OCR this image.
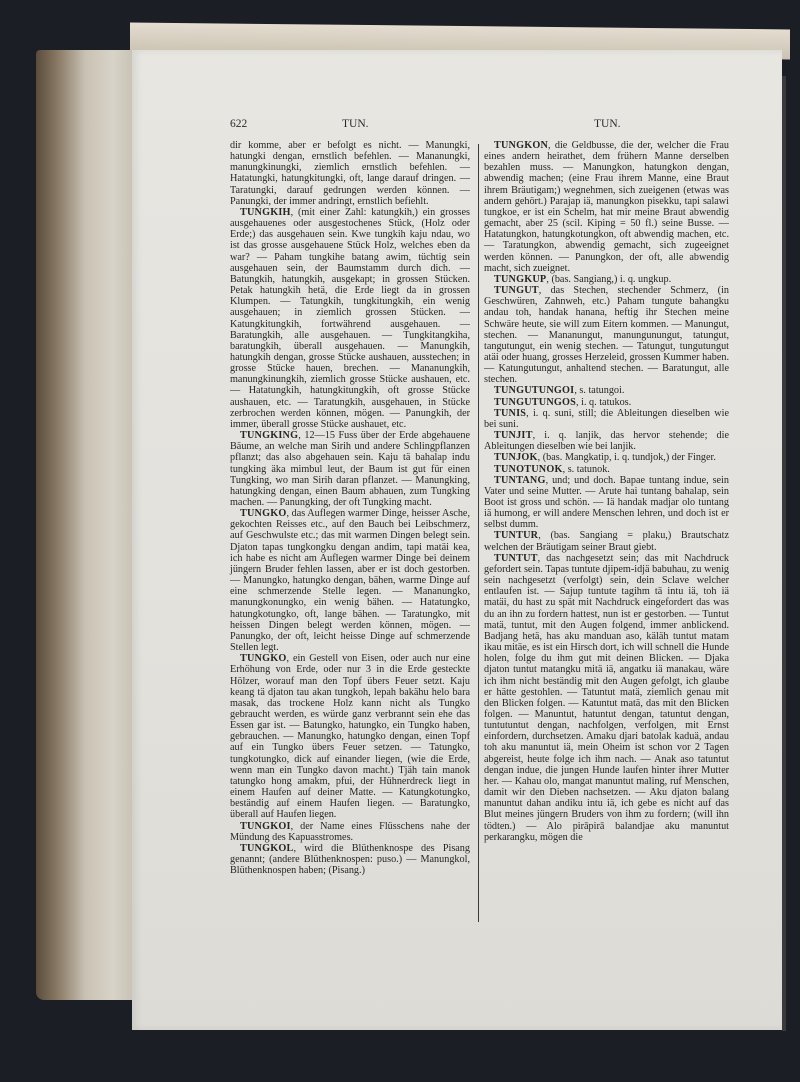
622	TUN.	TUN.

dir komme, aber er befolgt es nicht. — Manungki, hatungki dengan, ernstlich befehlen. — Mananungki, manungkinungki, ziemlich ernstlich befehlen. — Hatatungki, hatungkitungki, oft, lange darauf dringen. — Taratungki, darauf gedrungen werden können. — Panungki, der immer andringt, ernstlich befiehlt.

TUNGKIH, (mit einer Zahl: katungkih,) ein grosses ausgehauenes oder ausgestochenes Stück, (Holz oder Erde;) das ausgehauen sein. Kwe tungkih kaju ndau, wo ist das grosse ausgehauene Stück Holz, welches eben da war? — Paham tungkihe batang awim, tüchtig sein ausgehauen sein, der Baumstamm durch dich. — Batungkih, hatungkih, ausgekapt; in grossen Stücken. Petak hatungkih hetä, die Erde liegt da in grossen Klumpen. — Tatungkih, tungkitungkih, ein wenig ausgehauen; in ziemlich grossen Stücken. — Katungkitungkih, fortwährend ausgehauen. — Baratungkih, alle ausgehauen. — Tungkitangkiha, baratungkih, überall ausgehauen. — Manungkih, hatungkih dengan, grosse Stücke aushauen, ausstechen; in grosse Stücke hauen, brechen. — Mananungkih, manungkinungkih, ziemlich grosse Stücke aushauen, etc. — Hatatungkih, hatungkitungkih, oft grosse Stücke aushauen, etc. — Taratungkih, ausgehauen, in Stücke zerbrochen werden können, mögen. — Panungkih, der immer, überall grosse Stücke aushauet, etc.

TUNGKING, 12—15 Fuss über der Erde abgehauene Bäume, an welche man Sirih und andere Schlingpflanzen pflanzt; das also abgehauen sein. Kaju tä bahalap indu tungking äka mimbul leut, der Baum ist gut für einen Tungking, wo man Sirih daran pflanzet. — Manungking, hatungking dengan, einen Baum abhauen, zum Tungking machen. — Panungking, der oft Tungking macht.

TUNGKO, das Auflegen warmer Dinge, heisser Asche, gekochten Reisses etc., auf den Bauch bei Leibschmerz, auf Geschwulste etc.; das mit warmen Dingen belegt sein. Djaton tapas tungkongku dengan andim, tapi matäi kea, ich habe es nicht am Auflegen warmer Dinge bei deinem jüngern Bruder fehlen lassen, aber er ist doch gestorben. — Manungko, hatungko dengan, bähen, warme Dinge auf eine schmerzende Stelle legen. — Mananungko, manungkonungko, ein wenig bähen. — Hatatungko, hatungkotungko, oft, lange bähen. — Taratungko, mit heissen Dingen belegt werden können, mögen. — Panungko, der oft, leicht heisse Dinge auf schmerzende Stellen legt.

TUNGKO, ein Gestell von Eisen, oder auch nur eine Erhöhung von Erde, oder nur 3 in die Erde gesteckte Hölzer, worauf man den Topf übers Feuer setzt. Kaju keang tä djaton tau akan tungkoh, lepah bakähu helo bara masak, das trockene Holz kann nicht als Tungko gebraucht werden, es würde ganz verbrannt sein ehe das Essen gar ist. — Batungko, hatungko, ein Tungko haben, gebrauchen. — Manungko, hatungko dengan, einen Topf auf ein Tungko übers Feuer setzen. — Tatungko, tungkotungko, dick auf einander liegen, (wie die Erde, wenn man ein Tungko davon macht.) Tjäh tain manok tatungko hong amakm, pfui, der Hühnerdreck liegt in einem Haufen auf deiner Matte. — Katungkotungko, beständig auf einem Haufen liegen. — Baratungko, überall auf Haufen liegen.

TUNGKOI, der Name eines Flüsschens nahe der Mündung des Kapuasstromes.

TUNGKOL, wird die Blüthenknospe des Pisang genannt; (andere Blüthenknospen: puso.) — Manungkol, Blüthenknospen haben; (Pisang.)

TUNGKON, die Geldbusse, die der, welcher die Frau eines andern heirathet, dem frühern Manne derselben bezahlen muss. — Manungkon, hatungkon dengan, abwendig machen; (eine Frau ihrem Manne, eine Braut ihrem Bräutigam;) wegnehmen, sich zueigenen (etwas was andern gehört.) Parajap iä, manungkon pisekku, tapi salawi tungkoe, er ist ein Schelm, hat mir meine Braut abwendig gemacht, aber 25 (scil. Kiping = 50 fl.) seine Busse. — Hatatungkon, hatungkotungkon, oft abwendig machen, etc. — Taratungkon, abwendig gemacht, sich zugeeignet werden können. — Panungkon, der oft, alle abwendig macht, sich zueignet.

TUNGKUP, (bas. Sangiang,) i. q. ungkup.

TUNGUT, das Stechen, stechender Schmerz, (in Geschwüren, Zahnweh, etc.) Paham tungute bahangku andau toh, handak hanana, heftig ihr Stechen meine Schwäre heute, sie will zum Eitern kommen. — Manungut, stechen. — Mananungut, manungunungut, tatungut, tangutungut, ein wenig stechen. — Tatungut, tungutungut atäi oder huang, grosses Herzeleid, grossen Kummer haben. — Katungutungut, anhaltend stechen. — Baratungut, alle stechen.

TUNGUTUNGOI, s. tatungoi.

TUNGUTUNGOS, i. q. tatukos.

TUNIS, i. q. suni, still; die Ableitungen dieselben wie bei suni.

TUNJIT, i. q. lanjik, das hervor stehende; die Ableitungen dieselben wie bei lanjik.

TUNJOK, (bas. Mangkatip, i. q. tundjok,) der Finger.

TUNOTUNOK, s. tatunok.

TUNTANG, und; und doch. Bapae tuntang indue, sein Vater und seine Mutter. — Arute hai tuntang bahalap, sein Boot ist gross und schön. — Iä handak madjar olo tuntang iä humong, er will andere Menschen lehren, und doch ist er selbst dumm.

TUNTUR, (bas. Sangiang = plaku,) Brautschatz welchen der Bräutigam seiner Braut giebt.

TUNTUT, das nachgesetzt sein; das mit Nachdruck gefordert sein. Tapas tuntute djipem-idjä babuhau, zu wenig sein nachgesetzt (verfolgt) sein, dein Sclave welcher entlaufen ist. — Sajup tuntute tagihm tä intu iä, toh iä matäi, du hast zu spät mit Nachdruck eingefordert das was du an ihn zu fordern hattest, nun ist er gestorben. — Tuntut matä, tuntut, mit den Augen folgend, immer anblickend. Badjang hetä, has aku manduan aso, käläh tuntut matam ikau mitäe, es ist ein Hirsch dort, ich will schnell die Hunde holen, folge du ihm gut mit deinen Blicken. — Djaka djaton tuntut matangku mitä iä, angatku iä manakau, wäre ich ihm nicht beständig mit den Augen gefolgt, ich glaube er hätte gestohlen. — Tatuntut matä, ziemlich genau mit den Blicken folgen. — Katuntut matä, das mit den Blicken folgen. — Manuntut, hatuntut dengan, tatuntut dengan, tuntutuntut dengan, nachfolgen, verfolgen, mit Ernst einfordern, durchsetzen. Amaku djari batolak kaduä, andau toh aku manuntut iä, mein Oheim ist schon vor 2 Tagen abgereist, heute folge ich ihm nach. — Anak aso tatuntut dengan indue, die jungen Hunde laufen hinter ihrer Mutter her. — Kahau olo, mangat manuntut maling, ruf Menschen, damit wir den Dieben nachsetzen. — Aku djaton balang manuntut dahan andiku intu iä, ich gebe es nicht auf das Blut meines jüngern Bruders von ihm zu fordern; (will ihn tödten.) — Alo pirāpirā balandjae aku manuntut perkarangku, mögen die
